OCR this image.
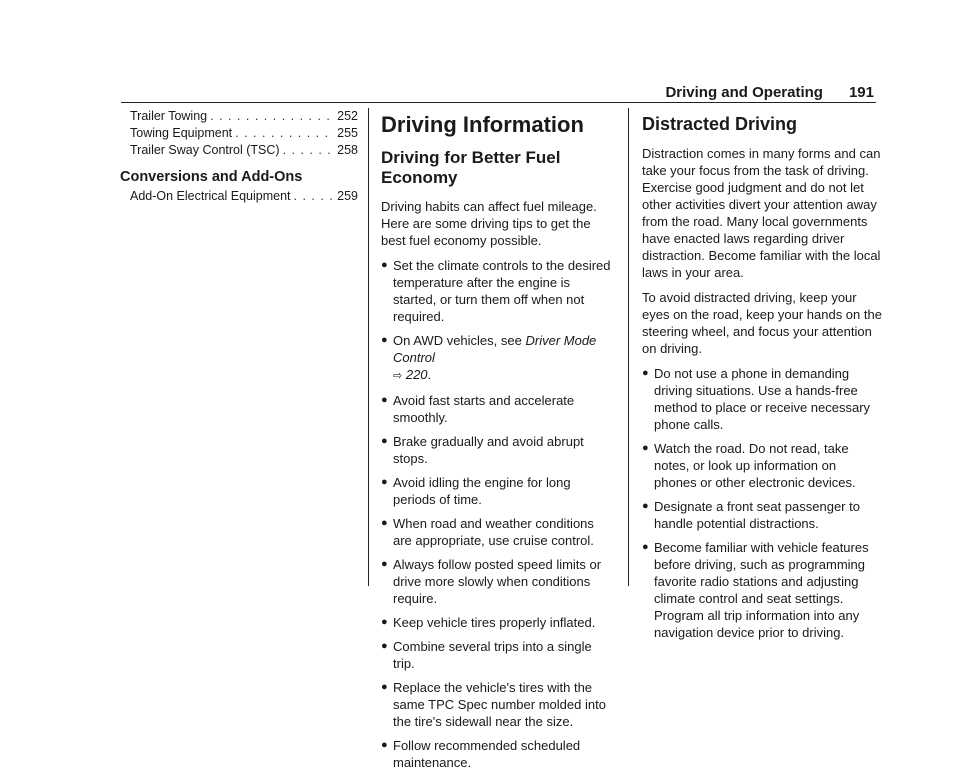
Driving and Operating 191
Trailer Towing . . .	252
Towing Equipment . . .	255
Trailer Sway Control (TSC) . . .	258
Conversions and Add-Ons
Add-On Electrical Equipment . . .	259
Driving Information
Driving for Better Fuel Economy

Driving habits can affect fuel mileage. Here are some driving tips to get the best fuel economy possible.

● Set the climate controls to the desired temperature after the engine is started, or turn them off when not required.
● On AWD vehicles, see Driver Mode Control
⇨ 220.
● Avoid fast starts and accelerate smoothly.
● Brake gradually and avoid abrupt stops.
● Avoid idling the engine for long periods of time.
● When road and weather conditions are appropriate, use cruise control.
● Always follow posted speed limits or drive more slowly when conditions require.
● Keep vehicle tires properly inflated.
● Combine several trips into a single trip.
● Replace the vehicle's tires with the same TPC Spec number molded into the tire's sidewall near the size.
● Follow recommended scheduled maintenance.
Distracted Driving

Distraction comes in many forms and can take your focus from the task of driving. Exercise good judgment and do not let other activities divert your attention away from the road. Many local governments have enacted laws regarding driver distraction. Become familiar with the local laws in your area.

To avoid distracted driving, keep your eyes on the road, keep your hands on the steering wheel, and focus your attention on driving.

● Do not use a phone in demanding driving situations. Use a hands-free method to place or receive necessary phone calls.
● Watch the road. Do not read, take notes, or look up information on phones or other electronic devices.
● Designate a front seat passenger to handle potential distractions.
● Become familiar with vehicle features before driving, such as programming favorite radio stations and adjusting climate control and seat settings. Program all trip information into any navigation device prior to driving.
